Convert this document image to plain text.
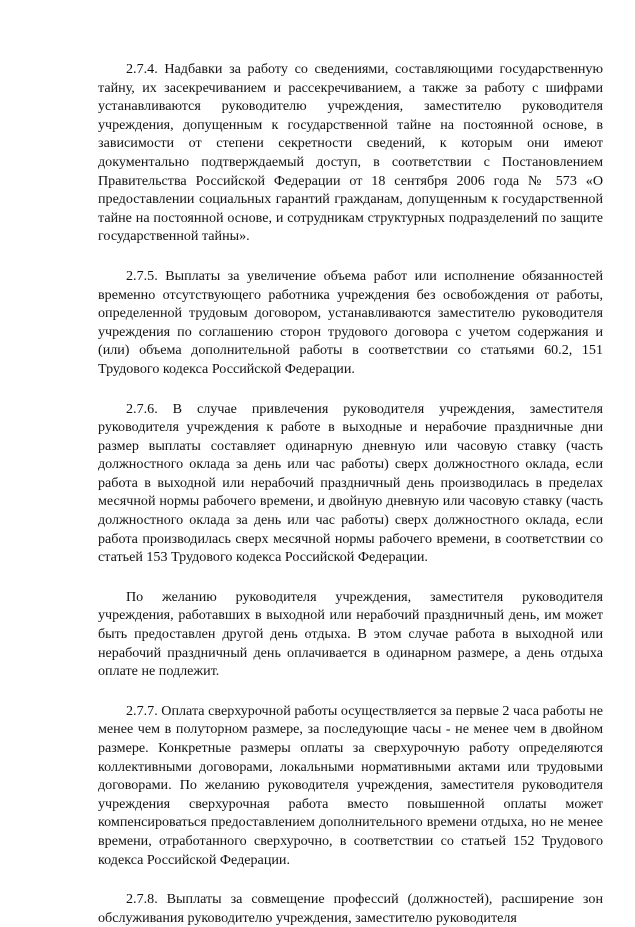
2.7.4. Надбавки за работу со сведениями, составляющими государственную тайну, их засекречиванием и рассекречиванием, а также за работу с шифрами устанавливаются руководителю учреждения, заместителю руководителя учреждения, допущенным к государственной тайне на постоянной основе, в зависимости от степени секретности сведений, к которым они имеют документально подтверждаемый доступ, в соответствии с Постановлением Правительства Российской Федерации от 18 сентября 2006 года № 573 «О предоставлении социальных гарантий гражданам, допущенным к государственной тайне на постоянной основе, и сотрудникам структурных подразделений по защите государственной тайны».

2.7.5. Выплаты за увеличение объема работ или исполнение обязанностей временно отсутствующего работника учреждения без освобождения от работы, определенной трудовым договором, устанавливаются заместителю руководителя учреждения по соглашению сторон трудового договора с учетом содержания и (или) объема дополнительной работы в соответствии со статьями 60.2, 151 Трудового кодекса Российской Федерации.

2.7.6. В случае привлечения руководителя учреждения, заместителя руководителя учреждения к работе в выходные и нерабочие праздничные дни размер выплаты составляет одинарную дневную или часовую ставку (часть должностного оклада за день или час работы) сверх должностного оклада, если работа в выходной или нерабочий праздничный день производилась в пределах месячной нормы рабочего времени, и двойную дневную или часовую ставку (часть должностного оклада за день или час работы) сверх должностного оклада, если работа производилась сверх месячной нормы рабочего времени, в соответствии со статьей 153 Трудового кодекса Российской Федерации.

По желанию руководителя учреждения, заместителя руководителя учреждения, работавших в выходной или нерабочий праздничный день, им может быть предоставлен другой день отдыха. В этом случае работа в выходной или нерабочий праздничный день оплачивается в одинарном размере, а день отдыха оплате не подлежит.

2.7.7. Оплата сверхурочной работы осуществляется за первые 2 часа работы не менее чем в полуторном размере, за последующие часы - не менее чем в двойном размере. Конкретные размеры оплаты за сверхурочную работу определяются коллективными договорами, локальными нормативными актами или трудовыми договорами. По желанию руководителя учреждения, заместителя руководителя учреждения сверхурочная работа вместо повышенной оплаты может компенсироваться предоставлением дополнительного времени отдыха, но не менее времени, отработанного сверхурочно, в соответствии со статьей 152 Трудового кодекса Российской Федерации.

2.7.8. Выплаты за совмещение профессий (должностей), расширение зон обслуживания руководителю учреждения, заместителю руководителя
